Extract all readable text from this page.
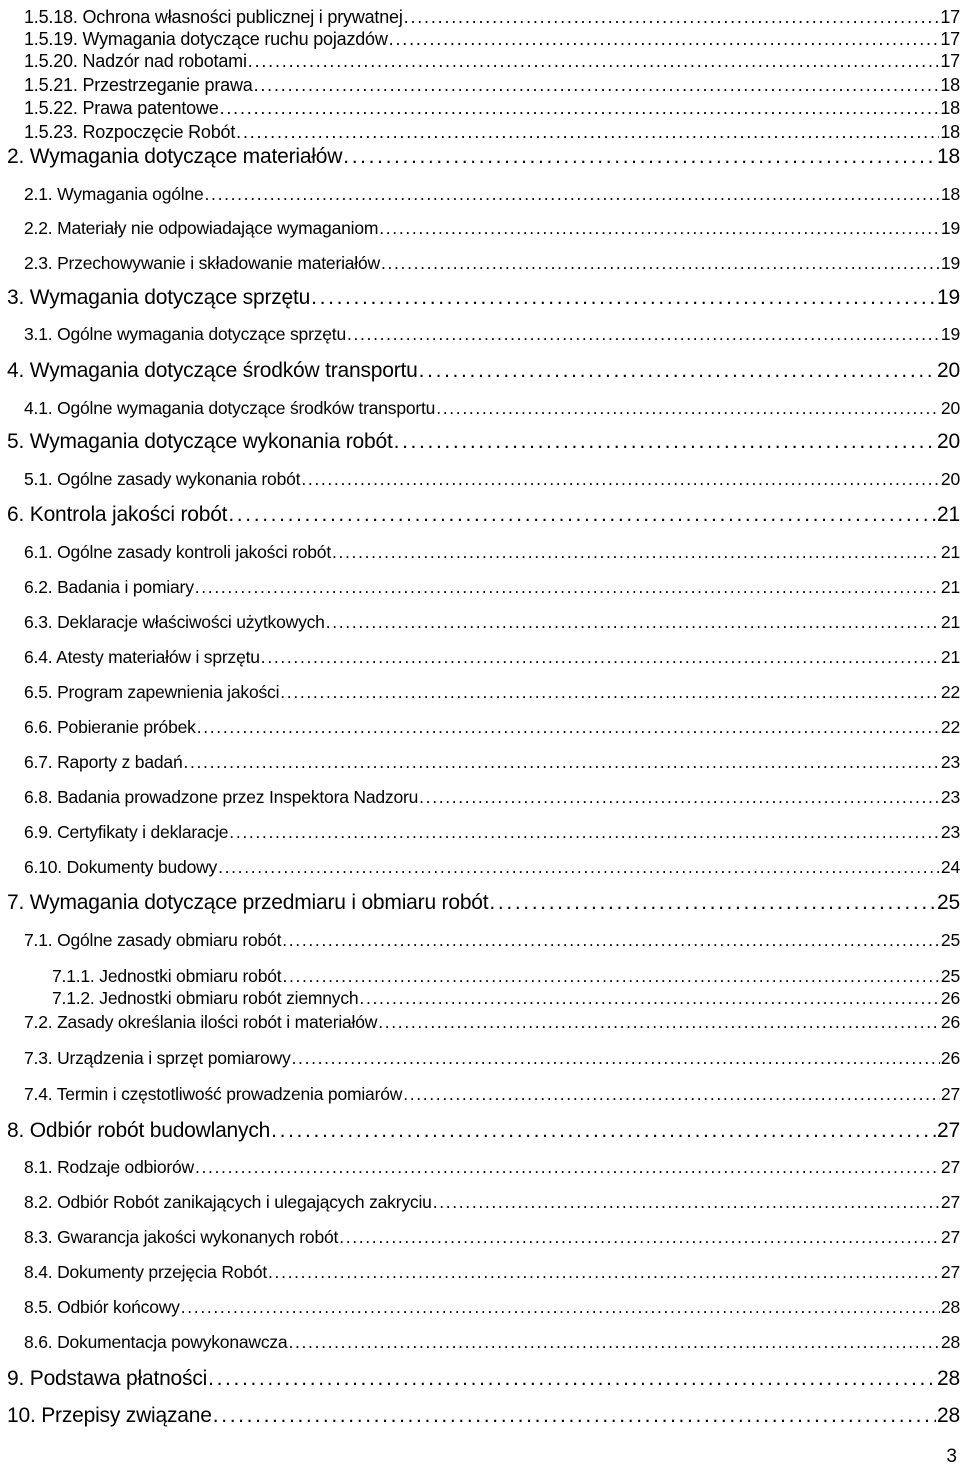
1.5.18. Ochrona własności publicznej i prywatnej . . .	17
1.5.19. Wymagania dotyczące ruchu pojazdów . . .	17
1.5.20. Nadzór nad robotami . . .	17
1.5.21. Przestrzeganie prawa . . .	18
1.5.22. Prawa patentowe . . .	18
1.5.23. Rozpoczęcie Robót . . .	18
2. Wymagania dotyczące materiałów . . .	18
2.1. Wymagania ogólne . . .	18
2.2. Materiały nie odpowiadające wymaganiom . . .	19
2.3. Przechowywanie i składowanie materiałów . . .	19
3. Wymagania dotyczące sprzętu . . .	19
3.1. Ogólne wymagania dotyczące sprzętu . . .	19
4. Wymagania dotyczące środków transportu . . .	20
4.1. Ogólne wymagania dotyczące środków transportu . . .	20
5. Wymagania dotyczące wykonania robót . . .	20
5.1. Ogólne zasady wykonania robót . . .	20
6. Kontrola jakości robót . . .	21
6.1. Ogólne zasady kontroli jakości robót . . .	21
6.2. Badania i pomiary . . .	21
6.3. Deklaracje właściwości użytkowych . . .	21
6.4. Atesty materiałów i sprzętu . . .	21
6.5. Program zapewnienia jakości . . .	22
6.6. Pobieranie próbek . . .	22
6.7. Raporty z badań . . .	23
6.8. Badania prowadzone przez Inspektora Nadzoru . . .	23
6.9. Certyfikaty i deklaracje . . .	23
6.10. Dokumenty budowy . . .	24
7. Wymagania dotyczące przedmiaru i obmiaru robót . . .	25
7.1. Ogólne zasady obmiaru robót . . .	25
7.1.1. Jednostki obmiaru robót . . .	25
7.1.2. Jednostki obmiaru robót ziemnych . . .	26
7.2. Zasady określania ilości robót i materiałów . . .	26
7.3. Urządzenia i sprzęt pomiarowy . . .	26
7.4. Termin i częstotliwość prowadzenia pomiarów . . .	27
8. Odbiór robót budowlanych . . .	27
8.1. Rodzaje odbiorów . . .	27
8.2. Odbiór Robót zanikających i ulegających zakryciu . . .	27
8.3. Gwarancja jakości wykonanych robót . . .	27
8.4. Dokumenty przejęcia Robót . . .	27
8.5. Odbiór końcowy . . .	28
8.6. Dokumentacja powykonawcza . . .	28
9. Podstawa płatności . . .	28
10. Przepisy związane . . .	28
3
